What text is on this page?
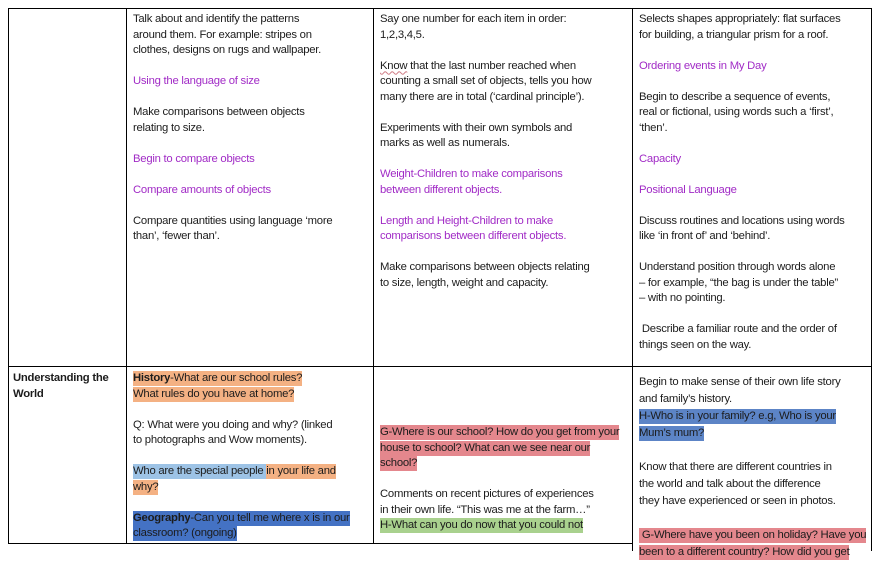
Talk about and identify the patterns
around them. For example: stripes on
clothes, designs on rugs and wallpaper.

Using the language of size

Make comparisons between objects
relating to size.

Begin to compare objects

Compare amounts of objects

Compare quantities using language ‘more
than’, ‘fewer than’.
Say one number for each item in order:
1,2,3,4,5.

Know that the last number reached when
counting a small set of objects, tells you how
many there are in total (‘cardinal principle’).

Experiments with their own symbols and
marks as well as numerals.

Weight-Children to make comparisons
between different objects.

Length and Height-Children to make
comparisons between different objects.

Make comparisons between objects relating
to size, length, weight and capacity.
Selects shapes appropriately: flat surfaces
for building, a triangular prism for a roof.

Ordering events in My Day

Begin to describe a sequence of events,
real or fictional, using words such a ‘first’,
‘then’.

Capacity

Positional Language

Discuss routines and locations using words
like ‘in front of’ and ‘behind’.

Understand position through words alone
– for example, “the bag is under the table”
– with no pointing.

Describe a familiar route and the order of
things seen on the way.
Understanding the
World
History-What are our school rules?
What rules do you have at home?

Q: What were you doing and why? (linked
to photographs and Wow moments).

Who are the special people in your life and
why?

Geography-Can you tell me where x is in our
classroom? (ongoing)
G-Where is our school? How do you get from your
house to school? What can we see near our
school?

Comments on recent pictures of experiences
in their own life. “This was me at the farm…”
H-What can you do now that you could not
Begin to make sense of their own life story
and family’s history.
H-Who is in your family? e.g, Who is your
Mum’s mum?

Know that there are different countries in
the world and talk about the difference
they have experienced or seen in photos.

G-Where have you been on holiday? Have you
been to a different country? How did you get
